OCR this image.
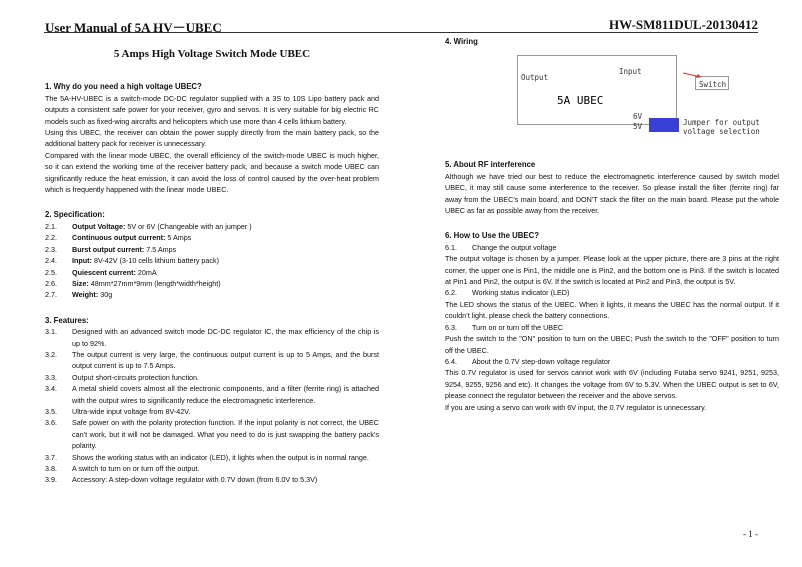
User Manual of 5A HV－UBEC	HW-SM811DUL-20130412
5 Amps High Voltage Switch Mode UBEC
1. Why do you need a high voltage UBEC?

The 5A-HV-UBEC is a switch-mode DC-DC regulator supplied with a 3S to 10S Lipo battery pack and outputs a consistent safe power for your receiver, gyro and servos. It is very suitable for big electric RC models such as fixed-wing aircrafts and helicopters which use more than 4 cells lithium battery.

Using this UBEC, the receiver can obtain the power supply directly from the main battery pack, so the additional battery pack for receiver is unnecessary.

Compared with the linear mode UBEC, the overall efficiency of the switch-mode UBEC is much higher, so it can extend the working time of the receiver battery pack, and because a switch mode UBEC can significantly reduce the heat emission, it can avoid the loss of control caused by the over-heat problem which is frequently happened with the linear mode UBEC.

2. Specification:
2.1.	Output Voltage: 5V or 6V (Changeable with an jumper )
2.2.	Continuous output current: 5 Amps
2.3.	Burst output current: 7.5 Amps
2.4.	Input: 8V-42V (3-10 cells lithium battery pack)
2.5.	Quiescent current: 20mA
2.6.	Size: 48mm*27mm*9mm (length*width*height)
2.7.	Weight: 30g
3. Features:
3.1.	Designed with an advanced switch mode DC-DC regulator IC, the max efficiency of the chip is up to 92%.
3.2.	The output current is very large, the continuous output current is up to 5 Amps, and the burst output current is up to 7.5 Amps.
3.3.	Output short-circuits protection function.
3.4.	A metal shield covers almost all the electronic components, and a filter (ferrite ring) is attached with the output wires to significantly reduce the electromagnetic interference.
3.5.	Ultra-wide input voltage from 8V-42V.
3.6.	Safe power on with the polarity protection function. If the input polarity is not correct, the UBEC can’t work, but it will not be damaged. What you need to do is just swapping the battery pack’s polarity.
3.7.	Shows the working status with an indicator (LED), it lights when the output is in normal range.
3.8.	A switch to turn on or turn off the output.
3.9.	Accessory: A step-down voltage regulator with 0.7V down (from 6.0V to 5.3V)
4. Wiring
Output
Input
5A UBEC
Switch
6V
5V	Jumper for output
voltage selection
5. About RF interference

Although we have tried our best to reduce the electromagnetic interference caused by switch model UBEC, it may still cause some interference to the receiver. So please install the filter (ferrite ring) far away from the UBEC’s main board, and DON’T stack the filter on the main board. Please put the whole UBEC as far as possible away from the receiver.

6. How to Use the UBEC?
6.1.	Change the output voltage

The output voltage is chosen by a jumper. Please look at the upper picture, there are 3 pins at the right corner, the upper one is Pin1, the middle one is Pin2, and the bottom one is Pin3. If the switch is located at Pin1 and Pin2, the output is 6V. If the switch is located at Pin2 and Pin3, the output is 5V.

6.2.	Working status indicator (LED)

The LED shows the status of the UBEC. When it lights, it means the UBEC has the normal output. If it couldn’t light, please check the battery connections.

6.3.	Turn on or turn off the UBEC

Push the switch to the "ON" position to turn on the UBEC; Push the switch to the "OFF" position to turn off the UBEC.

6.4.	About the 0.7V step-down voltage regulator

This 0.7V regulator is used for servos cannot work with 6V (including Futaba servo 9241, 9251, 9253, 9254, 9255, 9256 and etc). It changes the voltage from 6V to 5.3V. When the UBEC output is set to 6V, please connect the regulator between the receiver and the above servos.

If you are using a servo can work with 6V input, the 0.7V regulator is unnecessary.

- 1 -
